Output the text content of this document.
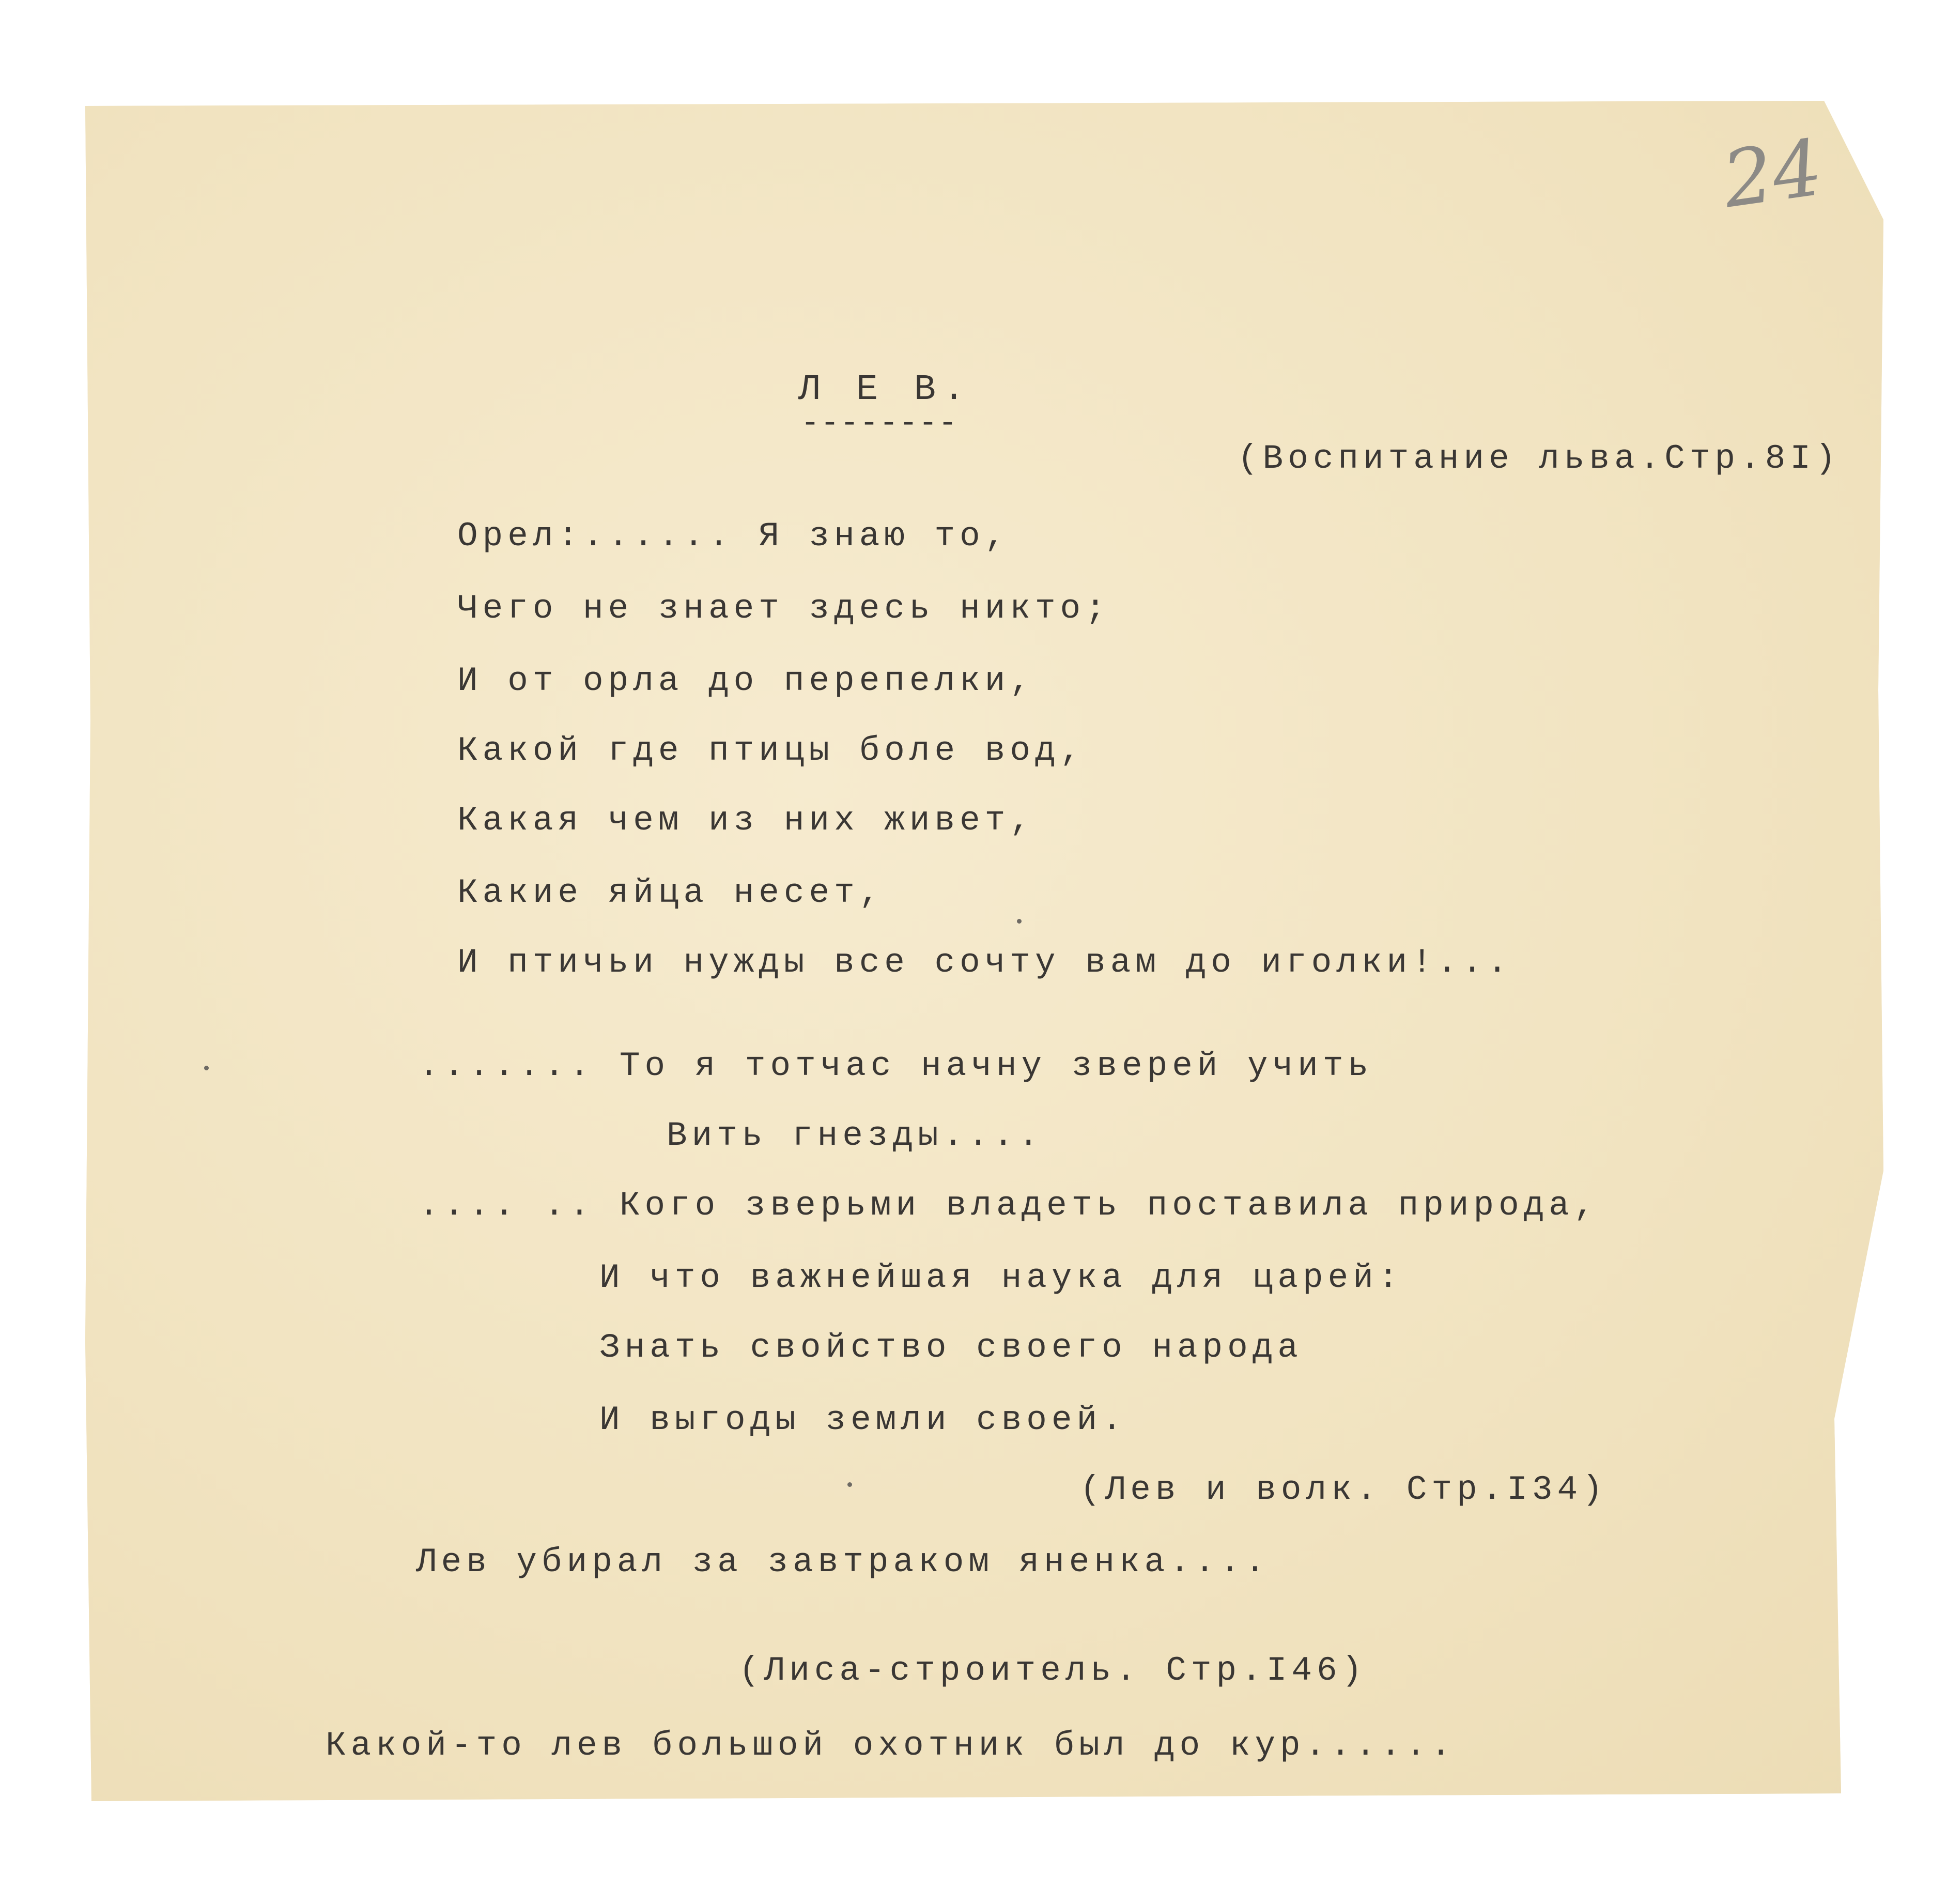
24
Л Е В.
--------
(Воспитание льва.Стр.8I)
Орел:...... Я знаю то,
Чего не знает здесь никто;
И от орла до перепелки,
Какой где птицы боле вод,
Какая чем из них живет,
Какие яйца несет,
И птичьи нужды все сочту вам до иголки!...
....... То я тотчас начну зверей учить
Вить гнезды....
.... .. Кого зверьми владеть поставила природа,
И что важнейшая наука для царей:
Знать свойство своего народа
И выгоды земли своей.
(Лев и волк. Стр.I34)
Лев убирал за завтраком яненка....
(Лиса-строитель. Стр.I46)
Какой-то лев большой охотник был до кур......
